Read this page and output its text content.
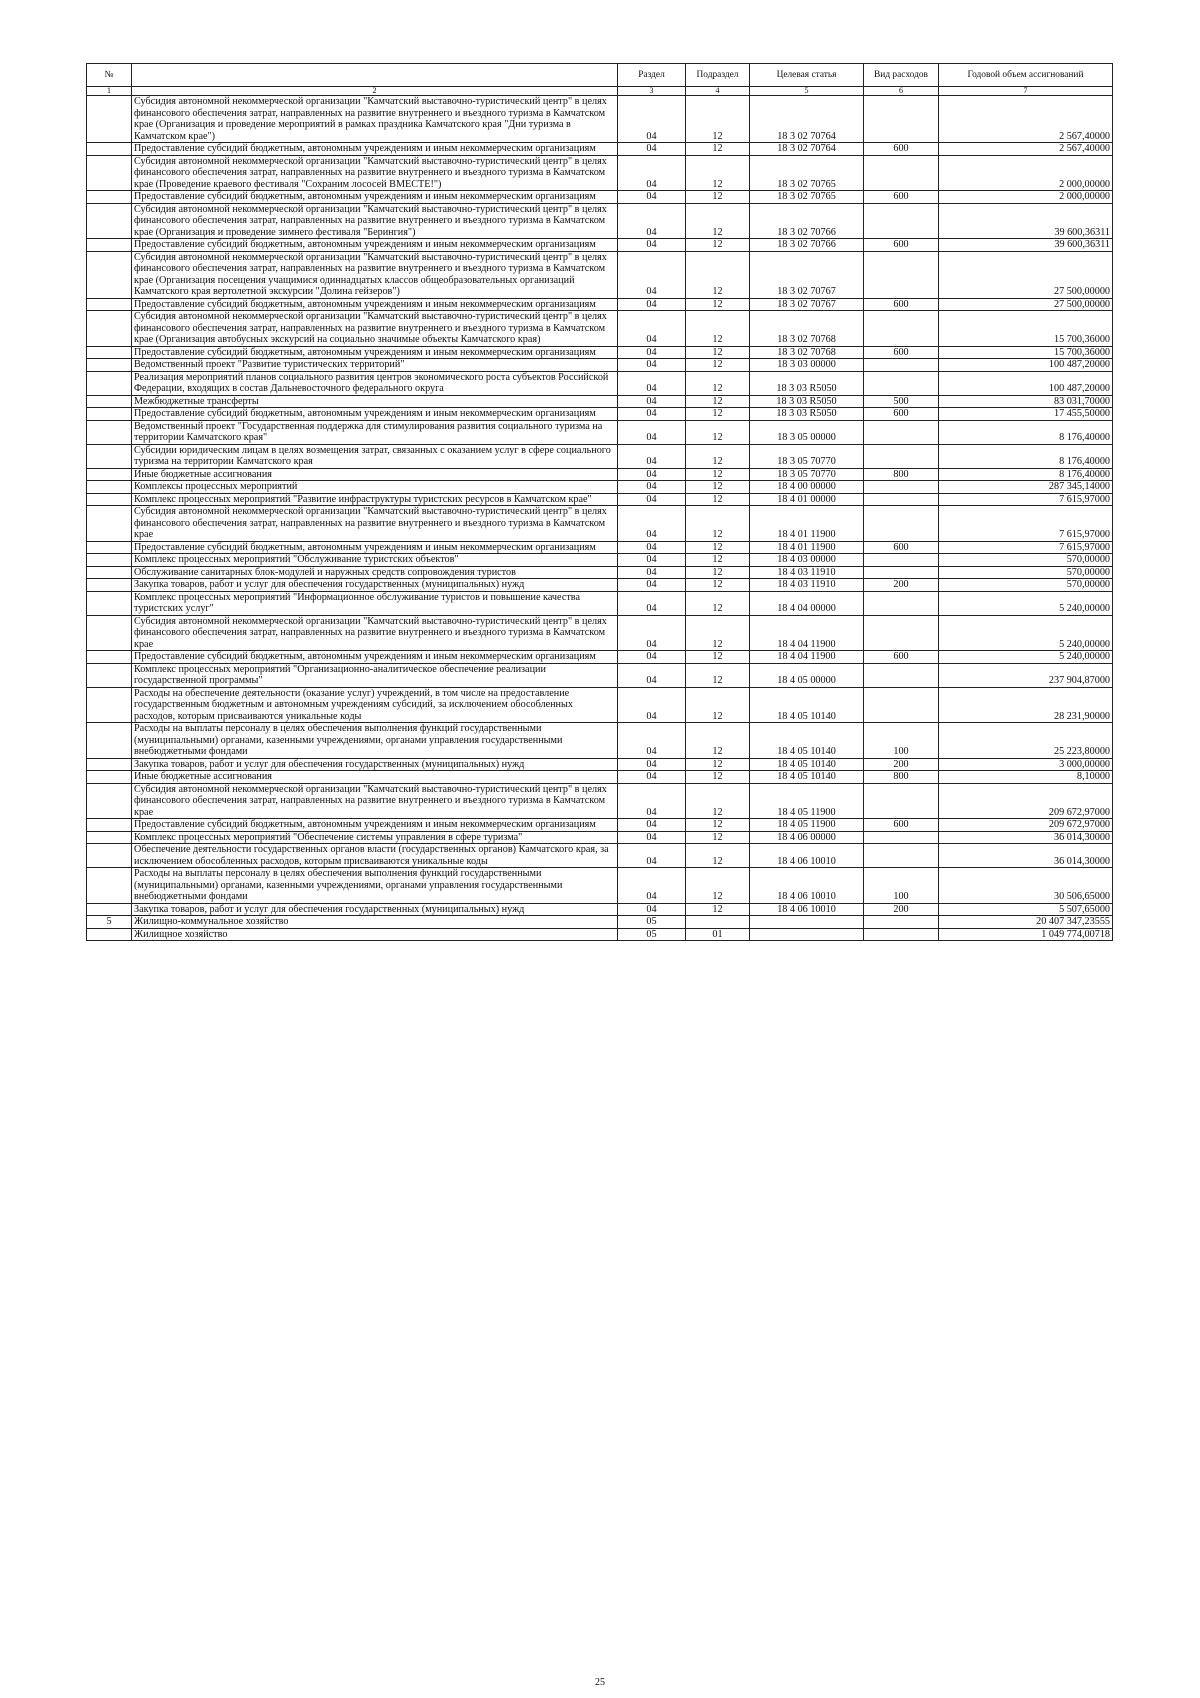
№		Раздел	Подраздел	Целевая статья	Вид расходов	Годовой объем ассигнований
1	2	3	4	5	6	7
	Субсидия автономной некоммерческой организации "Камчатский выставочно-туристический центр" в целях финансового обеспечения затрат, направленных на развитие внутреннего и въездного туризма в Камчатском крае (Организация и проведение мероприятий в рамках праздника Камчатского края "Дни туризма в Камчатском крае")	04	12	18 3 02 70764		2 567,40000
	Предоставление субсидий бюджетным, автономным учреждениям и иным некоммерческим организациям	04	12	18 3 02 70764	600	2 567,40000
	Субсидия автономной некоммерческой организации "Камчатский выставочно-туристический центр" в целях финансового обеспечения затрат, направленных на развитие внутреннего и въездного туризма в Камчатском крае (Проведение краевого фестиваля "Сохраним лососей ВМЕСТЕ!")	04	12	18 3 02 70765		2 000,00000
	Предоставление субсидий бюджетным, автономным учреждениям и иным некоммерческим организациям	04	12	18 3 02 70765	600	2 000,00000
	Субсидия автономной некоммерческой организации "Камчатский выставочно-туристический центр" в целях финансового обеспечения затрат, направленных на развитие внутреннего и въездного туризма в Камчатском крае (Организация и проведение зимнего фестиваля "Берингия")	04	12	18 3 02 70766		39 600,36311
	Предоставление субсидий бюджетным, автономным учреждениям и иным некоммерческим организациям	04	12	18 3 02 70766	600	39 600,36311
	Субсидия автономной некоммерческой организации "Камчатский выставочно-туристический центр" в целях финансового обеспечения затрат, направленных на развитие внутреннего и въездного туризма в Камчатском крае (Организация посещения учащимися одиннадцатых классов общеобразовательных организаций Камчатского края вертолетной экскурсии "Долина гейзеров")	04	12	18 3 02 70767		27 500,00000
	Предоставление субсидий бюджетным, автономным учреждениям и иным некоммерческим организациям	04	12	18 3 02 70767	600	27 500,00000
	Субсидия автономной некоммерческой организации "Камчатский выставочно-туристический центр" в целях финансового обеспечения затрат, направленных на развитие внутреннего и въездного туризма в Камчатском крае (Организация автобусных экскурсий на социально значимые объекты Камчатского края)	04	12	18 3 02 70768		15 700,36000
	Предоставление субсидий бюджетным, автономным учреждениям и иным некоммерческим организациям	04	12	18 3 02 70768	600	15 700,36000
	Ведомственный проект "Развитие туристических территорий"	04	12	18 3 03 00000		100 487,20000
	Реализация мероприятий планов социального развития центров экономического роста субъектов Российской Федерации, входящих в состав Дальневосточного федерального округа	04	12	18 3 03 R5050		100 487,20000
	Межбюджетные трансферты	04	12	18 3 03 R5050	500	83 031,70000
	Предоставление субсидий бюджетным, автономным учреждениям и иным некоммерческим организациям	04	12	18 3 03 R5050	600	17 455,50000
	Ведомственный проект "Государственная поддержка для стимулирования развития социального туризма на территории Камчатского края"	04	12	18 3 05 00000		8 176,40000
	Субсидии юридическим лицам в целях возмещения затрат, связанных с оказанием услуг в сфере социального туризма на территории Камчатского края	04	12	18 3 05 70770		8 176,40000
	Иные бюджетные ассигнования	04	12	18 3 05 70770	800	8 176,40000
	Комплексы процессных мероприятий	04	12	18 4 00 00000		287 345,14000
	Комплекс процессных мероприятий "Развитие инфраструктуры туристских ресурсов в Камчатском крае"	04	12	18 4 01 00000		7 615,97000
	Субсидия автономной некоммерческой организации "Камчатский выставочно-туристический центр" в целях финансового обеспечения затрат, направленных на развитие внутреннего и въездного туризма в Камчатском крае	04	12	18 4 01 11900		7 615,97000
	Предоставление субсидий бюджетным, автономным учреждениям и иным некоммерческим организациям	04	12	18 4 01 11900	600	7 615,97000
	Комплекс процессных мероприятий "Обслуживание туристских объектов"	04	12	18 4 03 00000		570,00000
	Обслуживание санитарных блок-модулей и наружных средств сопровождения туристов	04	12	18 4 03 11910		570,00000
	Закупка товаров, работ и услуг для обеспечения государственных (муниципальных) нужд	04	12	18 4 03 11910	200	570,00000
	Комплекс процессных мероприятий "Информационное обслуживание туристов и повышение качества туристских услуг"	04	12	18 4 04 00000		5 240,00000
	Субсидия автономной некоммерческой организации "Камчатский выставочно-туристический центр" в целях финансового обеспечения затрат, направленных на развитие внутреннего и въездного туризма в Камчатском крае	04	12	18 4 04 11900		5 240,00000
	Предоставление субсидий бюджетным, автономным учреждениям и иным некоммерческим организациям	04	12	18 4 04 11900	600	5 240,00000
	Комплекс процессных мероприятий "Организационно-аналитическое обеспечение реализации государственной программы"	04	12	18 4 05 00000		237 904,87000
	Расходы на обеспечение деятельности (оказание услуг) учреждений, в том числе на предоставление государственным бюджетным и автономным учреждениям субсидий, за исключением обособленных расходов, которым присваиваются уникальные коды	04	12	18 4 05 10140		28 231,90000
	Расходы на выплаты персоналу в целях обеспечения выполнения функций государственными (муниципальными) органами, казенными учреждениями, органами управления государственными внебюджетными фондами	04	12	18 4 05 10140	100	25 223,80000
	Закупка товаров, работ и услуг для обеспечения государственных (муниципальных) нужд	04	12	18 4 05 10140	200	3 000,00000
	Иные бюджетные ассигнования	04	12	18 4 05 10140	800	8,10000
	Субсидия автономной некоммерческой организации "Камчатский выставочно-туристический центр" в целях финансового обеспечения затрат, направленных на развитие внутреннего и въездного туризма в Камчатском крае	04	12	18 4 05 11900		209 672,97000
	Предоставление субсидий бюджетным, автономным учреждениям и иным некоммерческим организациям	04	12	18 4 05 11900	600	209 672,97000
	Комплекс процессных мероприятий "Обеспечение системы управления в сфере туризма"	04	12	18 4 06 00000		36 014,30000
	Обеспечение деятельности государственных органов власти (государственных органов) Камчатского края, за исключением обособленных расходов, которым присваиваются уникальные коды	04	12	18 4 06 10010		36 014,30000
	Расходы на выплаты персоналу в целях обеспечения выполнения функций государственными (муниципальными) органами, казенными учреждениями, органами управления государственными внебюджетными фондами	04	12	18 4 06 10010	100	30 506,65000
	Закупка товаров, работ и услуг для обеспечения государственных (муниципальных) нужд	04	12	18 4 06 10010	200	5 507,65000
5	Жилищно-коммунальное хозяйство	05				20 407 347,23555
	Жилищное хозяйство	05	01			1 049 774,00718
25
